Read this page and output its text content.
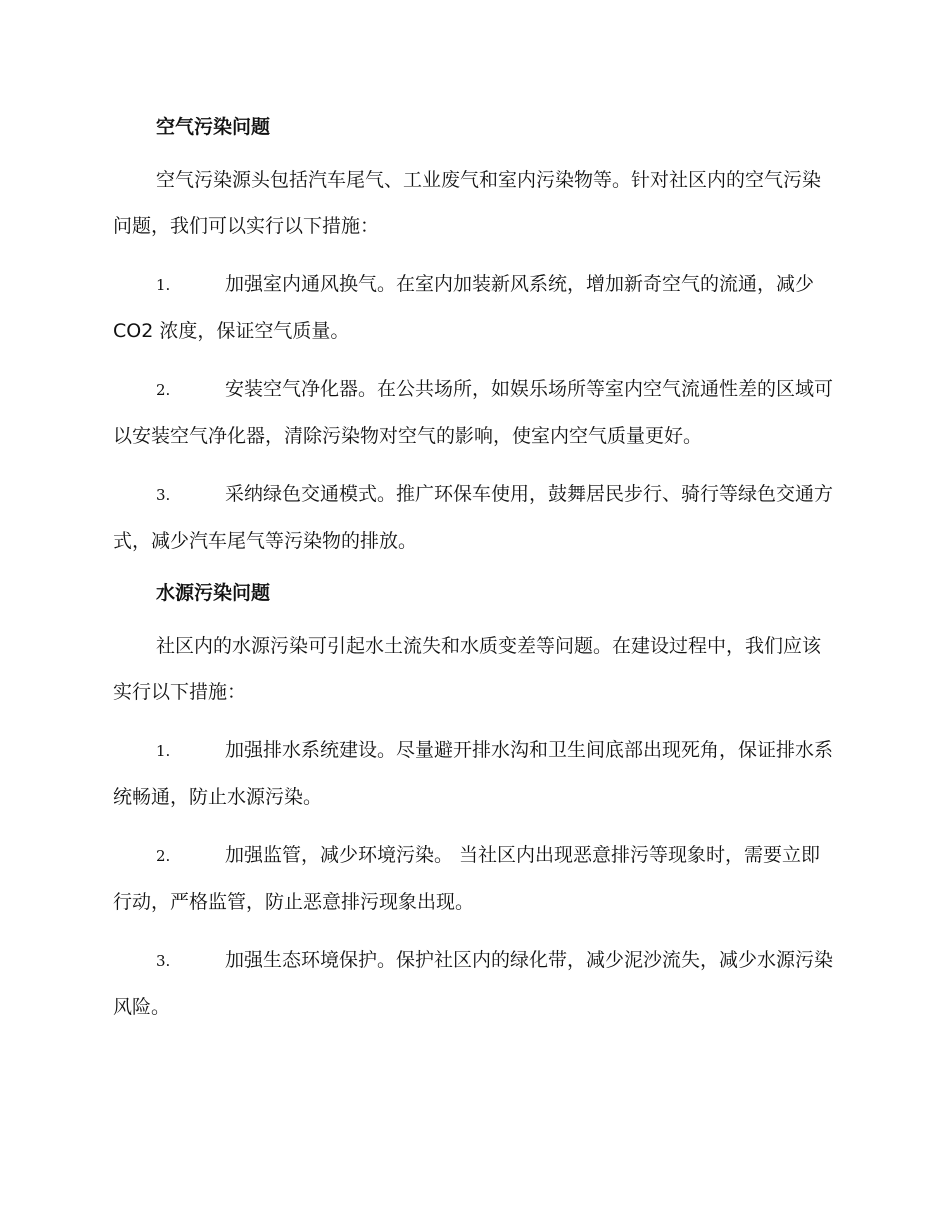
空气污染问题
空气污染源头包括汽车尾气、工业废气和室内污染物等。针对社区内的空气污染问题，我们可以实行以下措施：
1.	加强室内通风换气。在室内加装新风系统，增加新奇空气的流通，减少 CO2 浓度，保证空气质量。
2.	安装空气净化器。在公共场所，如娱乐场所等室内空气流通性差的区域可以安装空气净化器，清除污染物对空气的影响，使室内空气质量更好。
3.	采纳绿色交通模式。推广环保车使用，鼓舞居民步行、骑行等绿色交通方式，减少汽车尾气等污染物的排放。
水源污染问题
社区内的水源污染可引起水土流失和水质变差等问题。在建设过程中，我们应该实行以下措施：
1.	加强排水系统建设。尽量避开排水沟和卫生间底部出现死角，保证排水系统畅通，防止水源污染。
2.	加强监管，减少环境污染。 当社区内出现恶意排污等现象时，需要立即行动，严格监管，防止恶意排污现象出现。
3.	加强生态环境保护。保护社区内的绿化带，减少泥沙流失，减少水源污染风险。
